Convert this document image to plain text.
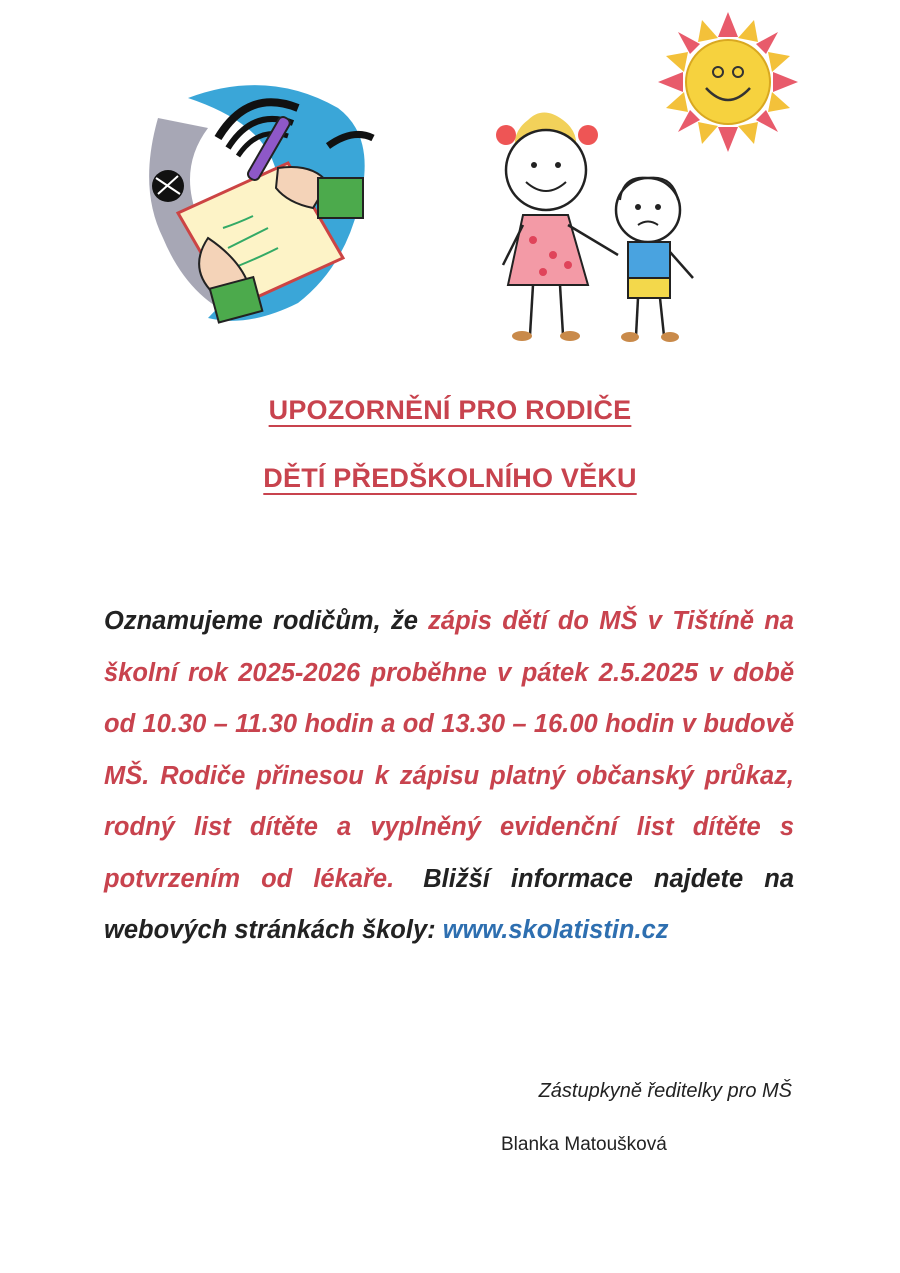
UPOZORNĚNÍ PRO RODIČE
DĚTÍ PŘEDŠKOLNÍHO VĚKU
Oznamujeme rodičům, že zápis dětí do MŠ v Tištíně na školní rok 2025-2026 proběhne v pátek 2.5.2025 v době od 10.30 – 11.30 hodin a od 13.30 – 16.00 hodin v budově MŠ. Rodiče přinesou k zápisu platný občanský průkaz, rodný list dítěte a vyplněný evidenční list dítěte s potvrzením od lékaře. Bližší informace najdete na webových stránkách školy: www.skolatistin.cz
Zástupkyně ředitelky pro MŠ
Blanka Matoušková
